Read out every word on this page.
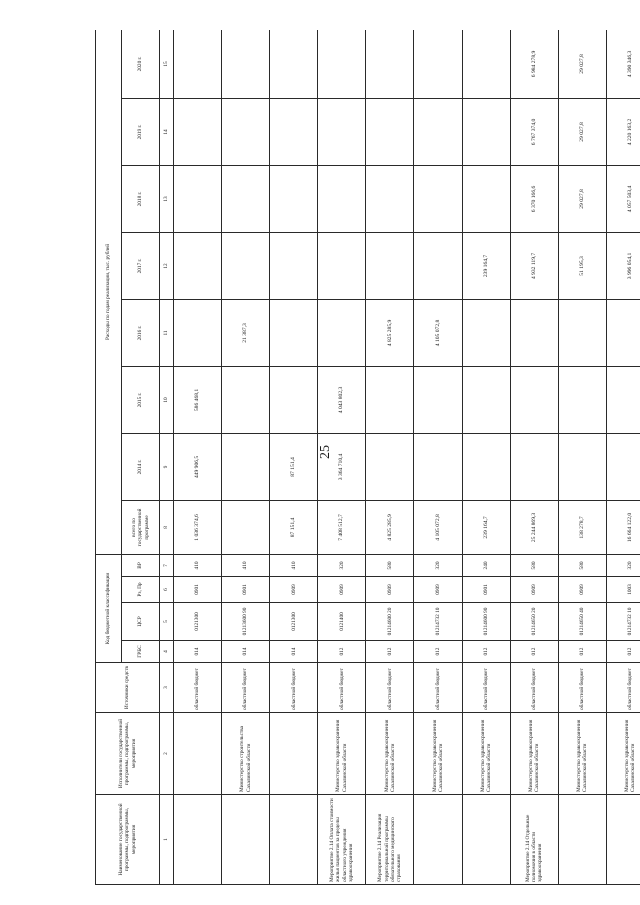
25
Наименование государственной программы, подпрограммы, мероприятия	Исполнители государственной программы, подпрограммы, мероприятия	Источники средств	Код бюджетной классификации				Расходы по годам реализации, тыс. рублей							
			ГРБС	ЦСР	Рз, Пр	ВР	всего по государственной программе	2014 г.	2015 г.	2016 г.	2017 г.	2018 г.	2019 г.	2020 г.

1	2	3	4	5	6	7	8	9	10	11	12	13	14	15
		областной бюджет	014	0121300	0901	410	1 036 374,6	449 906,5	586 468,1					
	Министерство строительства Сахалинской области	областной бюджет	014	01213600 90	0901	410				21 387,3				
		областной бюджет	014	0121300	0909	410	87 151,4	87 151,4						
Мероприятие 2.14 Оплата стоимости жилья пациентов за пределы областного учреждения здравоохранения	Министерство здравоохранения Сахалинской области	областной бюджет	012	0121400	0909	320	7 408 512,7	3 364 710,4	4 043 802,3					
Мероприятие 2.14 Реализация территориальной программы обязательного медицинского страхования	Министерство здравоохранения Сахалинской области	областной бюджет	012	01214600 20	0909	580	4 825 285,9			4 825 285,9				
	Министерство здравоохранения Сахалинской области	областной бюджет	012	01214732 10	0909	320	4 105 072,8			4 105 072,8				
	Министерство здравоохранения Сахалинской области	областной бюджет	012	01214600 90	0901	240	239 164,7				239 164,7			
Мероприятие 2.14 Отдельные полномочия в области здравоохранения	Министерство здравоохранения Сахалинской области	областной бюджет	012	01214650 20	0909	580	25 244 869,3				4 932 119,7	6 370 166,6	6 767 374,0	6 984 278,9
	Министерство здравоохранения Сахалинской области	областной бюджет	012	01214650 40	0909	580	138 278,7				51 195,3	29 027,8	29 027,8	29 027,8
	Министерство здравоохранения Сахалинской области	областной бюджет	012	01214732 10	1003	320	16 664 122,0				3 996 054,1	4 057 503,4	4 220 163,2	4 390 346,3
